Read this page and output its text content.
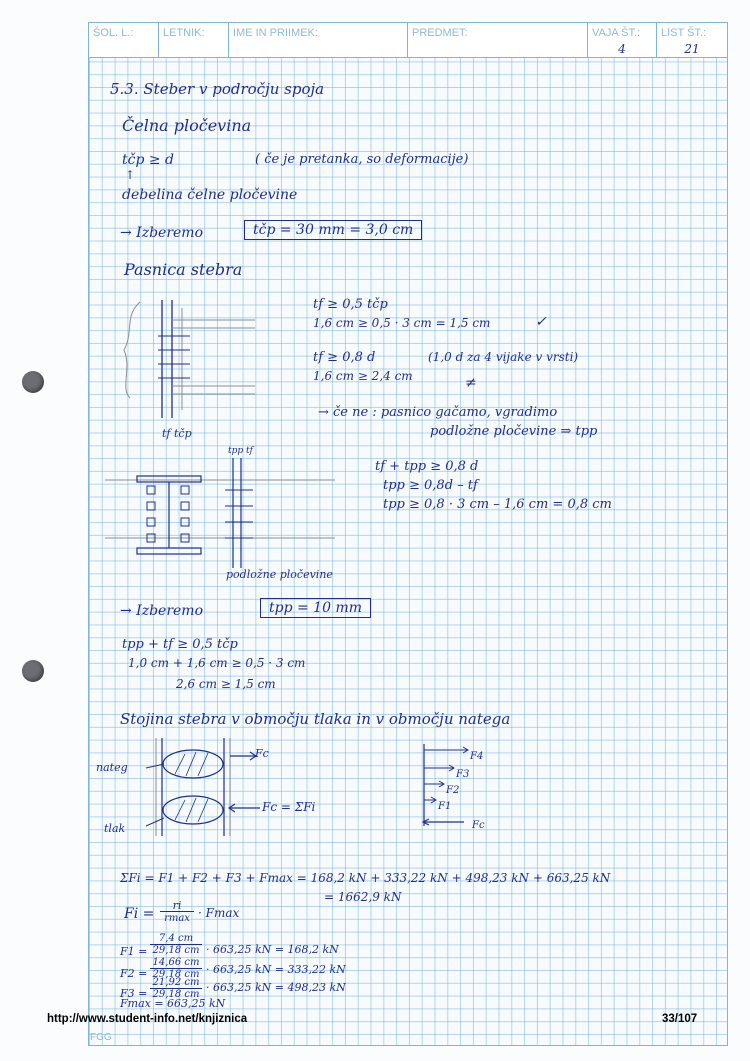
ŠOL. L.:	LETNIK:	IME IN PRIIMEK:	PREDMET:	VAJA ŠT.:
4
LIST ŠT.:
21
5.3. Steber v področju spoja
Čelna pločevina
tčp ≥ d	( če je pretanka, so deformacije)
↑
debelina čelne pločevine
→ Izberemo	tčp = 30 mm = 3,0 cm
Pasnica stebra
tf tčp
tf ≥ 0,5 tčp
1,6 cm ≥ 0,5 · 3 cm = 1,5 cm	✓
tf ≥ 0,8 d	(1,0 d za 4 vijake v vrsti)
1,6 cm ≥ 2,4 cm	≠
→ če ne : pasnico gačamo, vgradimo
podložne pločevine ⇒ tpp
tpp tf
podložne pločevine
tf + tpp ≥ 0,8 d
tpp ≥ 0,8d – tf
tpp ≥ 0,8 · 3 cm – 1,6 cm = 0,8 cm
→ Izberemo	tpp = 10 mm
tpp + tf ≥ 0,5 tčp
1,0 cm + 1,6 cm ≥ 0,5 · 3 cm
2,6 cm ≥ 1,5 cm
Stojina stebra v območju tlaka in v območju natega
nateg
tlak
Fc
Fc = ΣFi
F4
F3
F2
F1
Fc
ΣFi = F1 + F2 + F3 + Fmax = 168,2 kN + 333,22 kN + 498,23 kN + 663,25 kN
= 1662,9 kN
Fi =
ri
rmax · Fmax
F1 =
7,4 cm
29,18 cm · 663,25 kN = 168,2 kN
F2 =
14,66 cm
29,18 cm · 663,25 kN = 333,22 kN
F3 =
21,92 cm
29,18 cm
· 663,25 kN = 498,23 kN
Fmax = 663,25 kN
http://www.student-info.net/knjiznica	33/107
FGG
